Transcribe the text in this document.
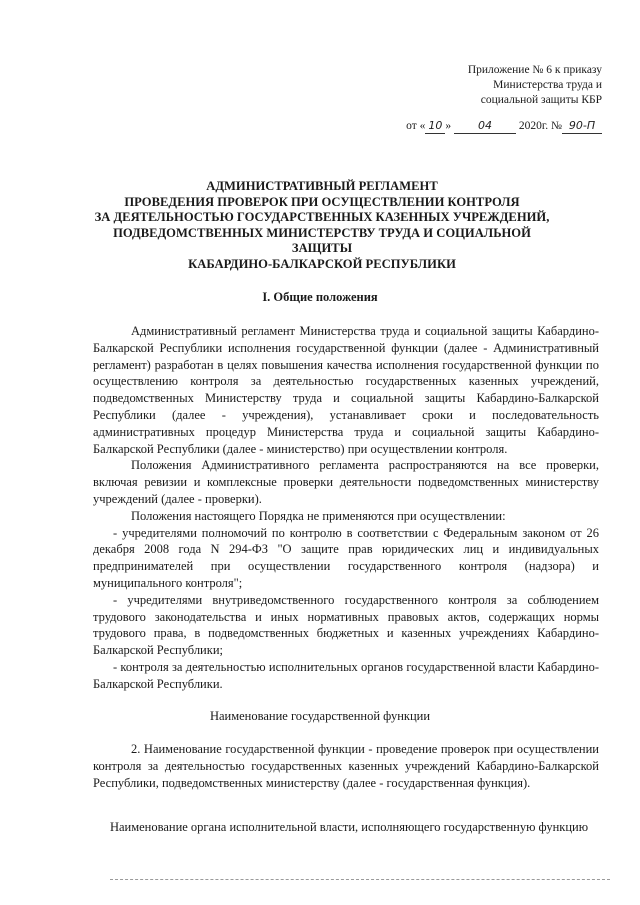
Приложение № 6 к приказу
Министерства труда и
социальной защиты КБР
от « 10 » 04 2020г. № 90-П
АДМИНИСТРАТИВНЫЙ РЕГЛАМЕНТ
ПРОВЕДЕНИЯ ПРОВЕРОК ПРИ ОСУЩЕСТВЛЕНИИ КОНТРОЛЯ
ЗА ДЕЯТЕЛЬНОСТЬЮ ГОСУДАРСТВЕННЫХ КАЗЕННЫХ УЧРЕЖДЕНИЙ,
ПОДВЕДОМСТВЕННЫХ МИНИСТЕРСТВУ ТРУДА И СОЦИАЛЬНОЙ ЗАЩИТЫ
КАБАРДИНО-БАЛКАРСКОЙ РЕСПУБЛИКИ
I. Общие положения

Административный регламент Министерства труда и социальной защиты Кабардино-Балкарской Республики исполнения государственной функции (далее - Административный регламент) разработан в целях повышения качества исполнения государственной функции по осуществлению контроля за деятельностью государственных казенных учреждений, подведомственных Министерству труда и социальной защиты Кабардино-Балкарской Республики (далее - учреждения), устанавливает сроки и последовательность административных процедур Министерства труда и социальной защиты Кабардино-Балкарской Республики (далее - министерство) при осуществлении контроля.

Положения Административного регламента распространяются на все проверки, включая ревизии и комплексные проверки деятельности подведомственных министерству учреждений (далее - проверки).

Положения настоящего Порядка не применяются при осуществлении:

- учредителями полномочий по контролю в соответствии с Федеральным законом от 26 декабря 2008 года N 294-ФЗ "О защите прав юридических лиц и индивидуальных предпринимателей при осуществлении государственного контроля (надзора) и муниципального контроля";

- учредителями внутриведомственного государственного контроля за соблюдением трудового законодательства и иных нормативных правовых актов, содержащих нормы трудового права, в подведомственных бюджетных и казенных учреждениях Кабардино-Балкарской Республики;

- контроля за деятельностью исполнительных органов государственной власти Кабардино-Балкарской Республики.

Наименование государственной функции

2. Наименование государственной функции - проведение проверок при осуществлении контроля за деятельностью государственных казенных учреждений Кабардино-Балкарской Республики, подведомственных министерству (далее - государственная функция).

Наименование органа исполнительной власти, исполняющего государственную функцию
